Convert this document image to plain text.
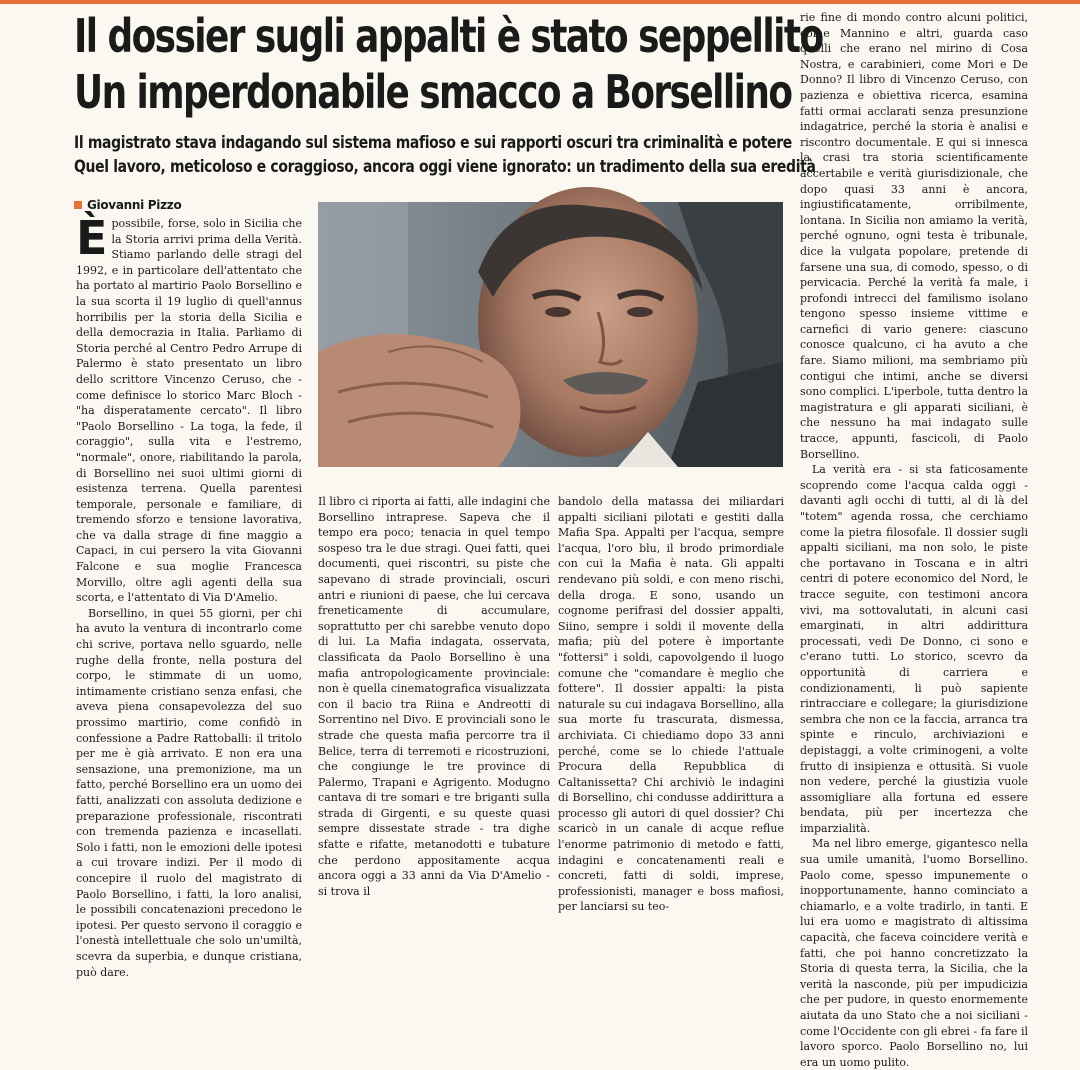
Il dossier sugli appalti è stato seppellito
Un imperdonabile smacco a Borsellino
Il magistrato stava indagando sul sistema mafioso e sui rapporti oscuri tra criminalità e potere
Quel lavoro, meticoloso e coraggioso, ancora oggi viene ignorato: un tradimento della sua eredità
Giovanni Pizzo

Èpossibile, forse, solo in Sicilia che la Storia arrivi prima della Verità. Stiamo parlando delle stragi del 1992, e in particolare dell'attentato che ha portato al martirio Paolo Borsellino e la sua scorta il 19 luglio di quell'annus horribilis per la storia della Sicilia e della democrazia in Italia. Parliamo di Storia perché al Centro Pedro Arrupe di Palermo è stato presentato un libro dello scrittore Vincenzo Ceruso, che - come definisce lo storico Marc Bloch - "ha disperatamente cercato". Il libro "Paolo Borsellino - La toga, la fede, il coraggio", sulla vita e l'estremo, "normale", onore, riabilitando la parola, di Borsellino nei suoi ultimi giorni di esistenza terrena. Quella parentesi temporale, personale e familiare, di tremendo sforzo e tensione lavorativa, che va dalla strage di fine maggio a Capaci, in cui persero la vita Giovanni Falcone e sua moglie Francesca Morvillo, oltre agli agenti della sua scorta, e l'attentato di Via D'Amelio.

Borsellino, in quei 55 giorni, per chi ha avuto la ventura di incontrarlo come chi scrive, portava nello sguardo, nelle rughe della fronte, nella postura del corpo, le stimmate di un uomo, intimamente cristiano senza enfasi, che aveva piena consapevolezza del suo prossimo martirio, come confidò in confessione a Padre Rattoballi: il tritolo per me è già arrivato. E non era una sensazione, una premonizione, ma un fatto, perché Borsellino era un uomo dei fatti, analizzati con assoluta dedizione e preparazione professionale, riscontrati con tremenda pazienza e incasellati. Solo i fatti, non le emozioni delle ipotesi a cui trovare indizi. Per il modo di concepire il ruolo del magistrato di Paolo Borsellino, i fatti, la loro analisi, le possibili concatenazioni precedono le ipotesi. Per questo servono il coraggio e l'onestà intellettuale che solo un'umiltà, scevra da superbia, e dunque cristiana, può dare.

Il libro ci riporta ai fatti, alle indagini che Borsellino intraprese. Sapeva che il tempo era poco; tenacia in quel tempo sospeso tra le due stragi. Quei fatti, quei documenti, quei riscontri, su piste che sapevano di strade provinciali, oscuri antri e riunioni di paese, che lui cercava freneticamente di accumulare, soprattutto per chi sarebbe venuto dopo di lui. La Mafia indagata, osservata, classificata da Paolo Borsellino è una mafia antropologicamente provinciale: non è quella cinematografica visualizzata con il bacio tra Riina e Andreotti di Sorrentino nel Divo. E provinciali sono le strade che questa mafia percorre tra il Belice, terra di terremoti e ricostruzioni, che congiunge le tre province di Palermo, Trapani e Agrigento. Modugno cantava di tre somari e tre briganti sulla strada di Girgenti, e su queste quasi sempre dissestate strade - tra dighe sfatte e rifatte, metanodotti e tubature che perdono appositamente acqua ancora oggi a 33 anni da Via D'Amelio - si trova il

bandolo della matassa dei miliardari appalti siciliani pilotati e gestiti dalla Mafia Spa. Appalti per l'acqua, sempre l'acqua, l'oro blu, il brodo primordiale con cui la Mafia è nata. Gli appalti rendevano più soldi, e con meno rischi, della droga. E sono, usando un cognome perifrasi del dossier appalti, Siino, sempre i soldi il movente della mafia; più del potere è importante "fottersi" i soldi, capovolgendo il luogo comune che "comandare è meglio che fottere". Il dossier appalti: la pista naturale su cui indagava Borsellino, alla sua morte fu trascurata, dismessa, archiviata. Ci chiediamo dopo 33 anni perché, come se lo chiede l'attuale Procura della Repubblica di Caltanissetta? Chi archiviò le indagini di Borsellino, chi condusse addirittura a processo gli autori di quel dossier? Chi scaricò in un canale di acque reflue l'enorme patrimonio di metodo e fatti, indagini e concatenamenti reali e concreti, fatti di soldi, imprese, professionisti, manager e boss mafiosi, per lanciarsi su teo-

rie fine di mondo contro alcuni politici, come Mannino e altri, guarda caso quelli che erano nel mirino di Cosa Nostra, e carabinieri, come Mori e De Donno? Il libro di Vincenzo Ceruso, con pazienza e obiettiva ricerca, esamina fatti ormai acclarati senza presunzione indagatrice, perché la storia è analisi e riscontro documentale. E qui si innesca la crasi tra storia scientificamente accertabile e verità giurisdizionale, che dopo quasi 33 anni è ancora, ingiustificatamente, orribilmente, lontana. In Sicilia non amiamo la verità, perché ognuno, ogni testa è tribunale, dice la vulgata popolare, pretende di farsene una sua, di comodo, spesso, o di pervicacia. Perché la verità fa male, i profondi intrecci del familismo isolano tengono spesso insieme vittime e carnefici di vario genere: ciascuno conosce qualcuno, ci ha avuto a che fare. Siamo milioni, ma sembriamo più contigui che intimi, anche se diversi sono complici. L'iperbole, tutta dentro la magistratura e gli apparati siciliani, è che nessuno ha mai indagato sulle tracce, appunti, fascicoli, di Paolo Borsellino.

La verità era - si sta faticosamente scoprendo come l'acqua calda oggi - davanti agli occhi di tutti, al di là del "totem" agenda rossa, che cerchiamo come la pietra filosofale. Il dossier sugli appalti siciliani, ma non solo, le piste che portavano in Toscana e in altri centri di potere economico del Nord, le tracce seguite, con testimoni ancora vivi, ma sottovalutati, in alcuni casi emarginati, in altri addirittura processati, vedi De Donno, ci sono e c'erano tutti. Lo storico, scevro da opportunità di carriera e condizionamenti, li può sapiente rintracciare e collegare; la giurisdizione sembra che non ce la faccia, arranca tra spinte e rinculo, archiviazioni e depistaggi, a volte criminogeni, a volte frutto di insipienza e ottusità. Si vuole non vedere, perché la giustizia vuole assomigliare alla fortuna ed essere bendata, più per incertezza che imparzialità.

Ma nel libro emerge, gigantesco nella sua umile umanità, l'uomo Borsellino. Paolo come, spesso impunemente o inopportunamente, hanno cominciato a chiamarlo, e a volte tradirlo, in tanti. E lui era uomo e magistrato di altissima capacità, che faceva coincidere verità e fatti, che poi hanno concretizzato la Storia di questa terra, la Sicilia, che la verità la nasconde, più per impudicizia che per pudore, in questo enormemente aiutata da uno Stato che a noi siciliani - come l'Occidente con gli ebrei - fa fare il lavoro sporco. Paolo Borsellino no, lui era un uomo pulito.
